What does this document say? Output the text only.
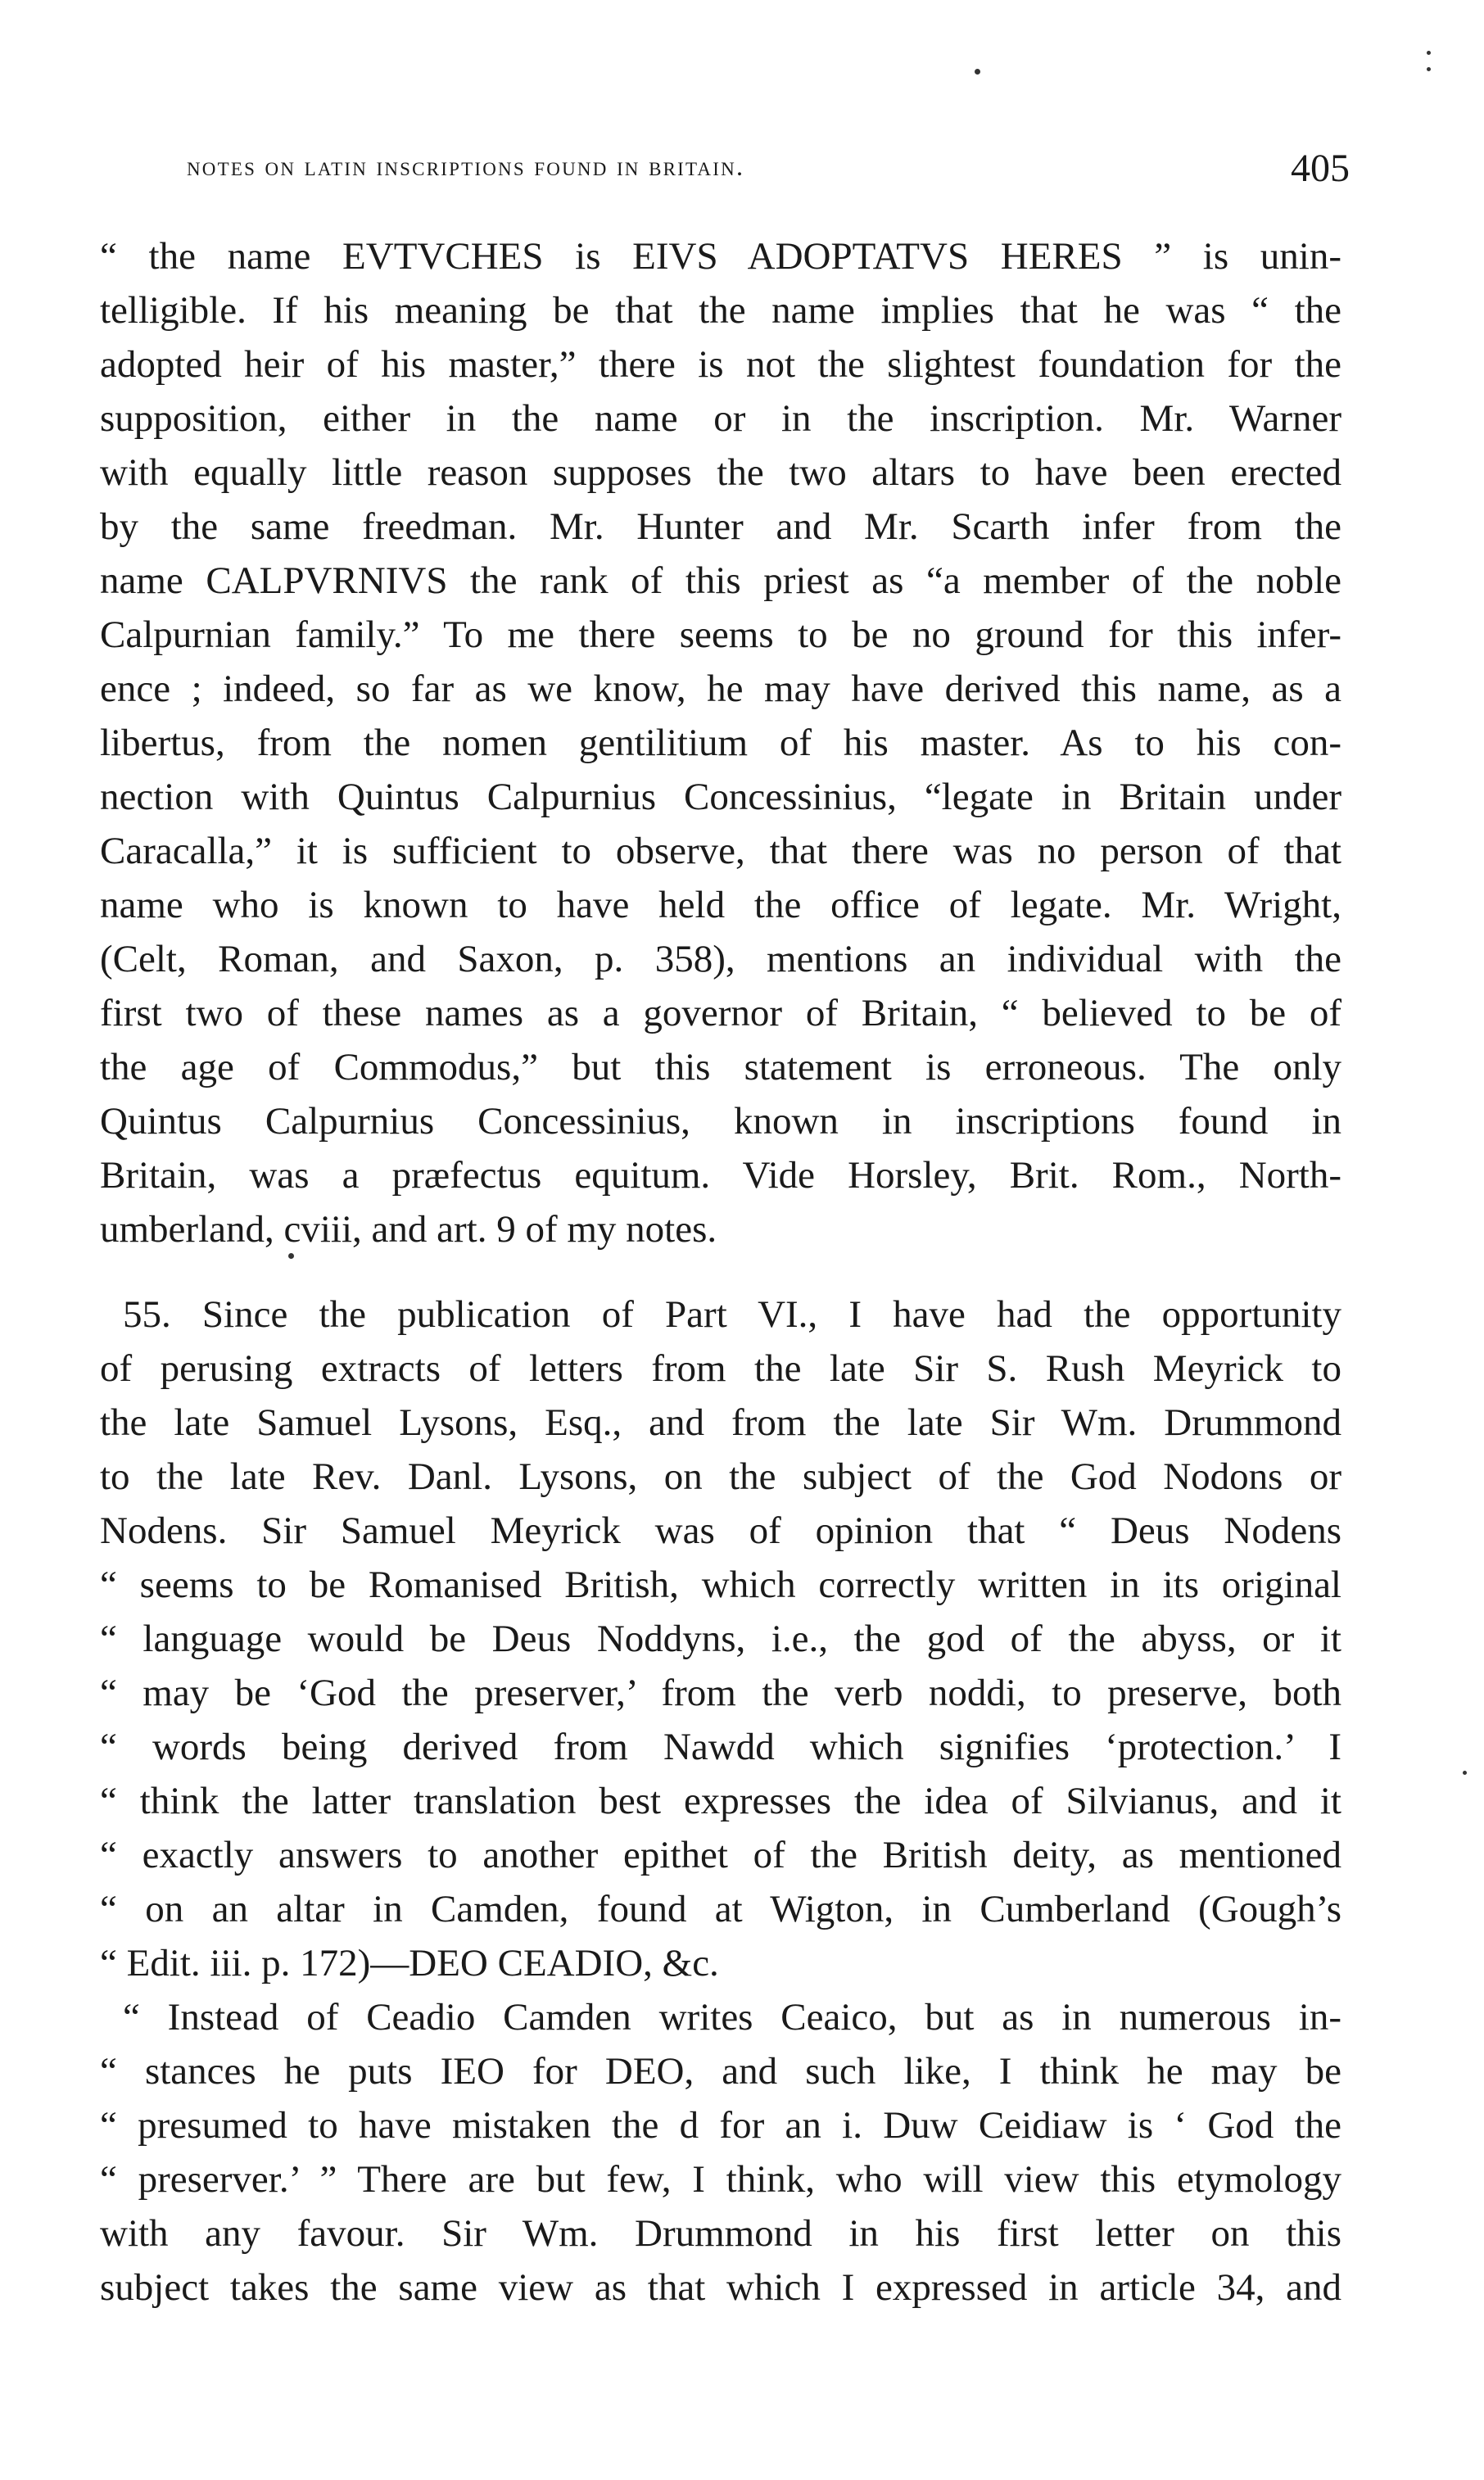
notes on latin inscriptions found in britain.	405
“ the name EVTVCHES is EIVS ADOPTATVS HERES ” is unin-
telligible. If his meaning be that the name implies that he was “ the
adopted heir of his master,” there is not the slightest foundation for the
supposition, either in the name or in the inscription. Mr. Warner
with equally little reason supposes the two altars to have been erected
by the same freedman. Mr. Hunter and Mr. Scarth infer from the
name CALPVRNIVS the rank of this priest as “a member of the noble
Calpurnian family.” To me there seems to be no ground for this infer-
ence ; indeed, so far as we know, he may have derived this name, as a
libertus, from the nomen gentilitium of his master. As to his con-
nection with Quintus Calpurnius Concessinius, “legate in Britain under
Caracalla,” it is sufficient to observe, that there was no person of that
name who is known to have held the office of legate. Mr. Wright,
(Celt, Roman, and Saxon, p. 358), mentions an individual with the
first two of these names as a governor of Britain, “ believed to be of
the age of Commodus,” but this statement is erroneous. The only
Quintus Calpurnius Concessinius, known in inscriptions found in
Britain, was a præfectus equitum. Vide Horsley, Brit. Rom., North-
umberland, cviii, and art. 9 of my notes.
55. Since the publication of Part VI., I have had the opportunity
of perusing extracts of letters from the late Sir S. Rush Meyrick to
the late Samuel Lysons, Esq., and from the late Sir Wm. Drummond
to the late Rev. Danl. Lysons, on the subject of the God Nodons or
Nodens. Sir Samuel Meyrick was of opinion that “ Deus Nodens
“ seems to be Romanised British, which correctly written in its original
“ language would be Deus Noddyns, i.e., the god of the abyss, or it
“ may be ‘God the preserver,’ from the verb noddi, to preserve, both
“ words being derived from Nawdd which signifies ‘protection.’ I
“ think the latter translation best expresses the idea of Silvianus, and it
“ exactly answers to another epithet of the British deity, as mentioned
“ on an altar in Camden, found at Wigton, in Cumberland (Gough’s
“ Edit. iii. p. 172)—DEO CEADIO, &c.
“ Instead of Ceadio Camden writes Ceaico, but as in numerous in-
“ stances he puts IEO for DEO, and such like, I think he may be
“ presumed to have mistaken the d for an i. Duw Ceidiaw is ‘ God the
“ preserver.’ ” There are but few, I think, who will view this etymology
with any favour. Sir Wm. Drummond in his first letter on this
subject takes the same view as that which I expressed in article 34, and
